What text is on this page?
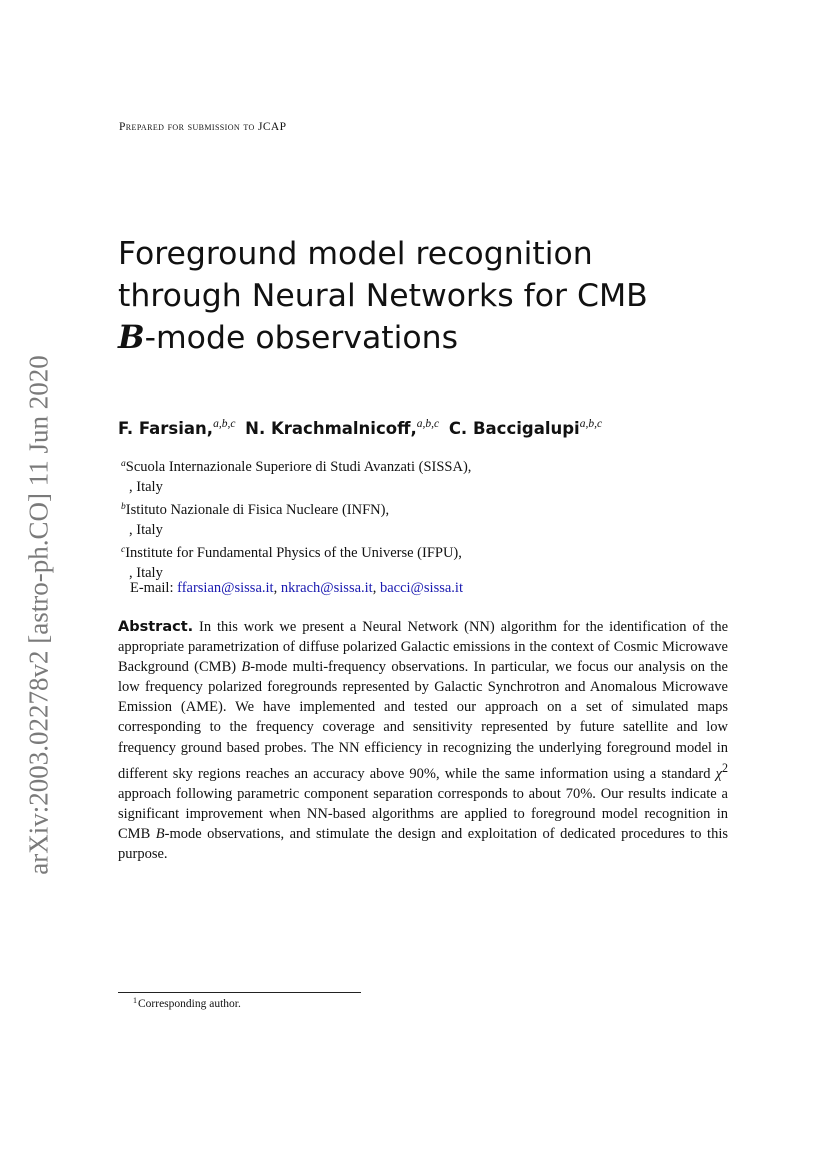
arXiv:2003.02278v2 [astro-ph.CO] 11 Jun 2020
Prepared for submission to JCAP
Foreground model recognition
through Neural Networks for CMB
B-mode observations
F. Farsian,$^{a,b,c}$ N. Krachmalnicoff,$^{a,b,c}$ C. Baccigalupi$^{a,b,c}$
$^a$Scuola Internazionale Superiore di Studi Avanzati (SISSA),
, Italy
$^b$Istituto Nazionale di Fisica Nucleare (INFN),
, Italy
$^c$Institute for Fundamental Physics of the Universe (IFPU),
, Italy
E-mail: ffarsian@sissa.it, nkrach@sissa.it, bacci@sissa.it

Abstract. In this work we present a Neural Network (NN) algorithm for the identification of the appropriate parametrization of diffuse polarized Galactic emissions in the context of Cosmic Microwave Background (CMB) B-mode multi-frequency observations. In particular, we focus our analysis on the low frequency polarized foregrounds represented by Galactic Synchrotron and Anomalous Microwave Emission (AME). We have implemented and tested our approach on a set of simulated maps corresponding to the frequency coverage and sensitivity represented by future satellite and low frequency ground based probes. The NN efficiency in recognizing the underlying foreground model in different sky regions reaches an accuracy above 90%, while the same information using a standard $\chi^2$ approach following parametric component separation corresponds to about 70%. Our results indicate a significant improvement when NN-based algorithms are applied to foreground model recognition in CMB B-mode observations, and stimulate the design and exploitation of dedicated procedures to this purpose.

$^1$Corresponding author.
